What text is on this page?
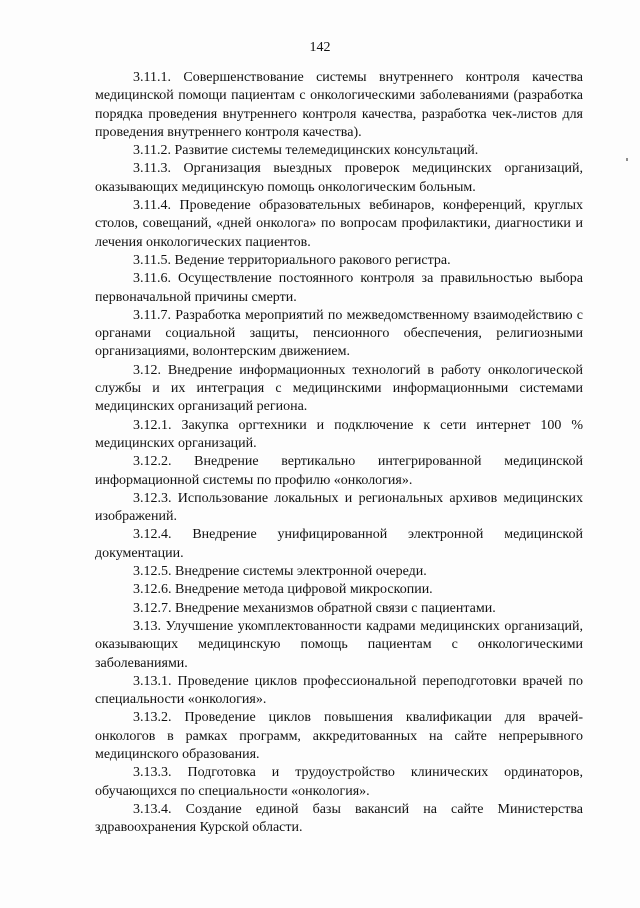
142

3.11.1. Совершенствование системы внутреннего контроля качества медицинской помощи пациентам с онкологическими заболеваниями (разработка порядка проведения внутреннего контроля качества, разработка чек-листов для проведения внутреннего контроля качества).

3.11.2. Развитие системы телемедицинских консультаций.

3.11.3. Организация выездных проверок медицинских организаций, оказывающих медицинскую помощь онкологическим больным.

3.11.4. Проведение образовательных вебинаров, конференций, круглых столов, совещаний, «дней онколога» по вопросам профилактики, диагностики и лечения онкологических пациентов.

3.11.5. Ведение территориального ракового регистра.

3.11.6. Осуществление постоянного контроля за правильностью выбора первоначальной причины смерти.

3.11.7. Разработка мероприятий по межведомственному взаимодействию с органами социальной защиты, пенсионного обеспечения, религиозными организациями, волонтерским движением.

3.12. Внедрение информационных технологий в работу онкологической службы и их интеграция с медицинскими информационными системами медицинских организаций региона.

3.12.1. Закупка оргтехники и подключение к сети интернет 100 % медицинских организаций.

3.12.2. Внедрение вертикально интегрированной медицинской информационной системы по профилю «онкология».

3.12.3. Использование локальных и региональных архивов медицинских изображений.

3.12.4. Внедрение унифицированной электронной медицинской документации.

3.12.5. Внедрение системы электронной очереди.

3.12.6. Внедрение метода цифровой микроскопии.

3.12.7. Внедрение механизмов обратной связи с пациентами.

3.13. Улучшение укомплектованности кадрами медицинских организаций, оказывающих медицинскую помощь пациентам с онкологическими заболеваниями.

3.13.1. Проведение циклов профессиональной переподготовки врачей по специальности «онкология».

3.13.2. Проведение циклов повышения квалификации для врачей-онкологов в рамках программ, аккредитованных на сайте непрерывного медицинского образования.

3.13.3. Подготовка и трудоустройство клинических ординаторов, обучающихся по специальности «онкология».

3.13.4. Создание единой базы вакансий на сайте Министерства здравоохранения Курской области.
